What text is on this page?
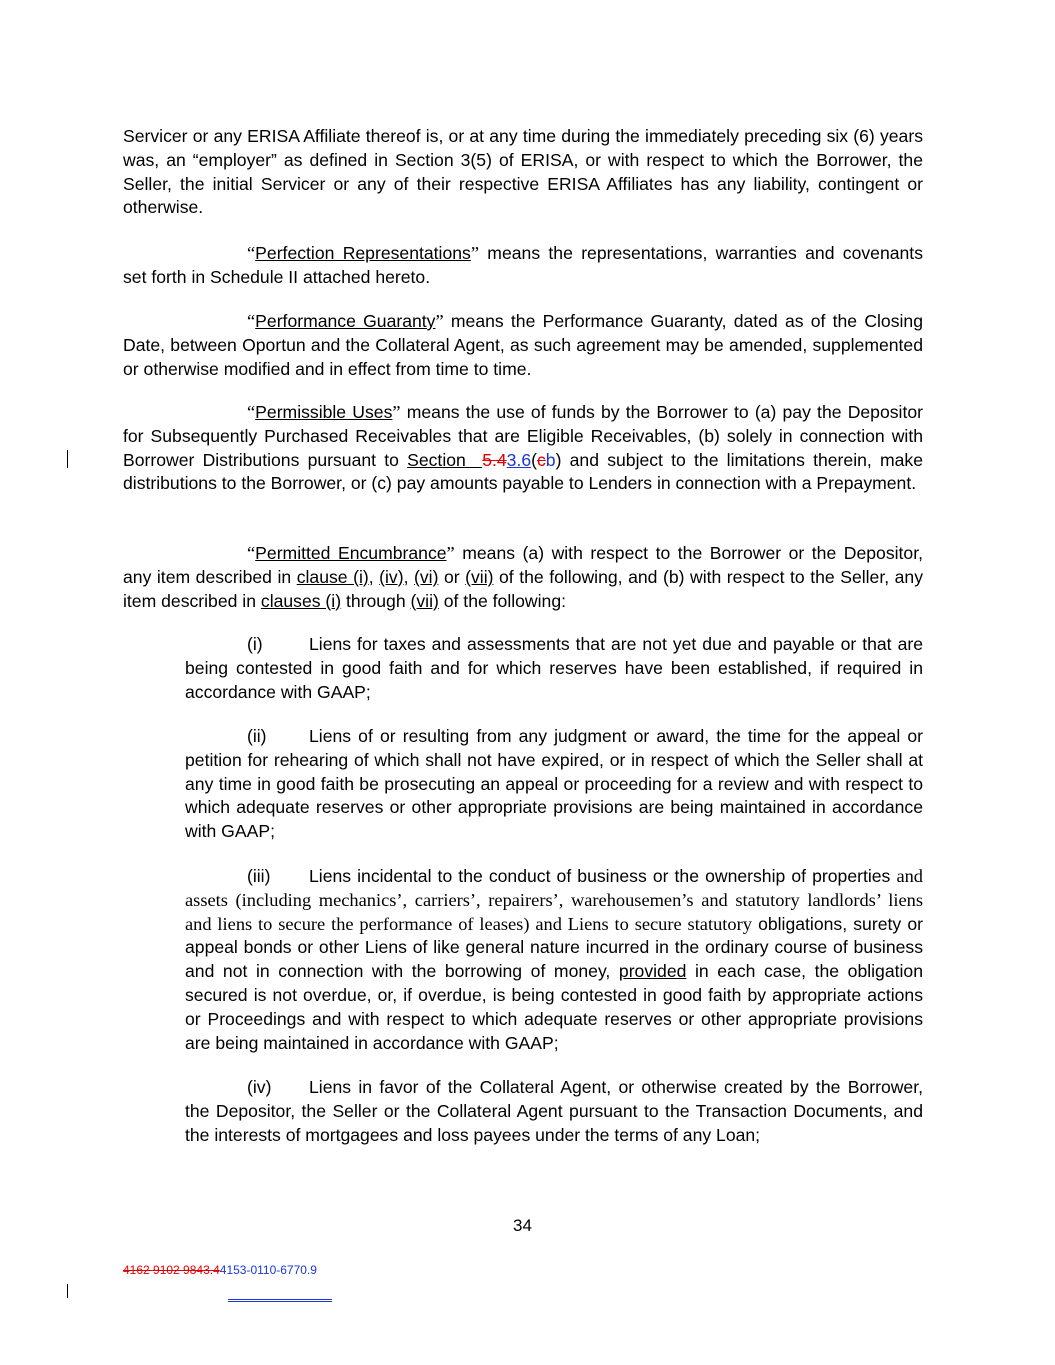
Servicer or any ERISA Affiliate thereof is, or at any time during the immediately preceding six (6) years was, an “employer” as defined in Section 3(5) of ERISA, or with respect to which the Borrower, the Seller, the initial Servicer or any of their respective ERISA Affiliates has any liability, contingent or otherwise.

“Perfection Representations” means the representations, warranties and covenants set forth in Schedule II attached hereto.

“Performance Guaranty” means the Performance Guaranty, dated as of the Closing Date, between Oportun and the Collateral Agent, as such agreement may be amended, supplemented or otherwise modified and in effect from time to time.

“Permissible Uses” means the use of funds by the Borrower to (a) pay the Depositor for Subsequently Purchased Receivables that are Eligible Receivables, (b) solely in connection with Borrower Distributions pursuant to Section 5.43.6(cb) and subject to the limitations therein, make distributions to the Borrower, or (c) pay amounts payable to Lenders in connection with a Prepayment.

“Permitted Encumbrance” means (a) with respect to the Borrower or the Depositor, any item described in clause (i), (iv), (vi) or (vii) of the following, and (b) with respect to the Seller, any item described in clauses (i) through (vii) of the following:

(i)	Liens for taxes and assessments that are not yet due and payable or that are being contested in good faith and for which reserves have been established, if required in accordance with GAAP;

(ii) Liens of or resulting from any judgment or award, the time for the appeal or petition for rehearing of which shall not have expired, or in respect of which the Seller shall at any time in good faith be prosecuting an appeal or proceeding for a review and with respect to which adequate reserves or other appropriate provisions are being maintained in accordance with GAAP;

(iii) Liens incidental to the conduct of business or the ownership of properties and assets (including mechanics’, carriers’, repairers’, warehousemen’s and statutory landlords’ liens and liens to secure the performance of leases) and Liens to secure statutory obligations, surety or appeal bonds or other Liens of like general nature incurred in the ordinary course of business and not in connection with the borrowing of money, provided in each case, the obligation secured is not overdue, or, if overdue, is being contested in good faith by appropriate actions or Proceedings and with respect to which adequate reserves or other appropriate provisions are being maintained in accordance with GAAP;

(iv) Liens in favor of the Collateral Agent, or otherwise created by the Borrower, the Depositor, the Seller or the Collateral Agent pursuant to the Transaction Documents, and the interests of mortgagees and loss payees under the terms of any Loan;

34
4162 9102 9843.44153-0110-6770.9
